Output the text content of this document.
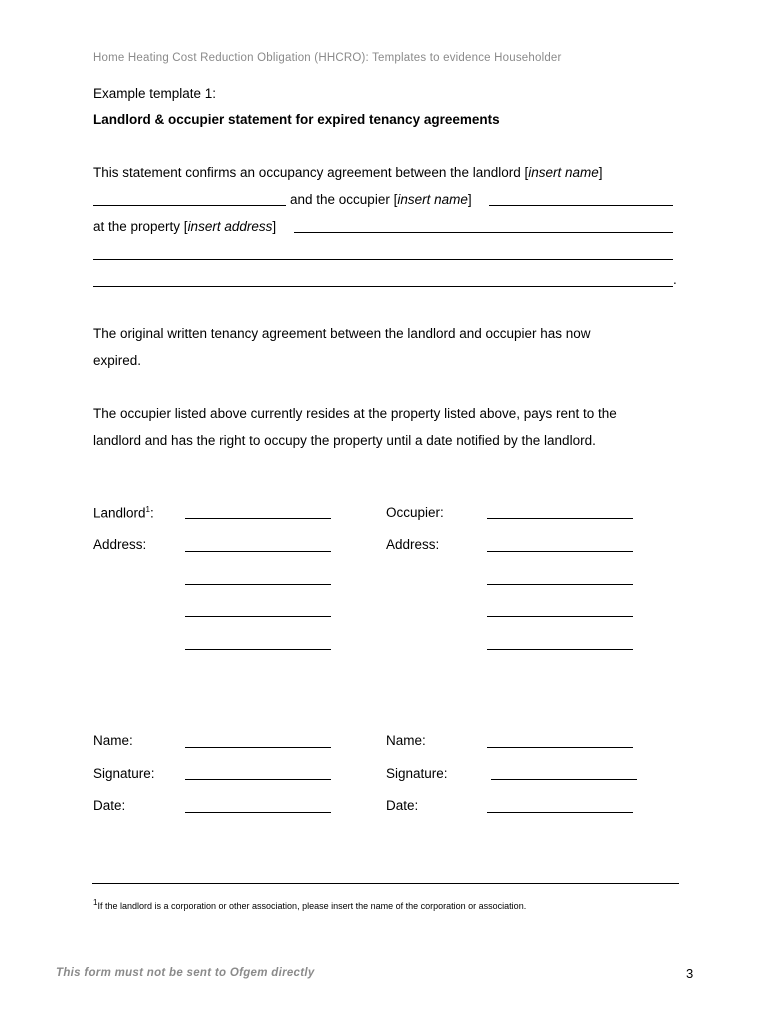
Home Heating Cost Reduction Obligation (HHCRO): Templates to evidence Householder
Example template 1:
Landlord & occupier statement for expired tenancy agreements
This statement confirms an occupancy agreement between the landlord [insert name]
and the occupier [insert name]
at the property [insert address]
.
The original written tenancy agreement between the landlord and occupier has now
expired.
The occupier listed above currently resides at the property listed above, pays rent to the
landlord and has the right to occupy the property until a date notified by the landlord.
Landlord$^1$:
Address:
Name:
Signature:
Date:
Occupier:
Address:
Name:
Signature:
Date:
1If the landlord is a corporation or other association, please insert the name of the corporation or association.
This form must not be sent to Ofgem directly	3
